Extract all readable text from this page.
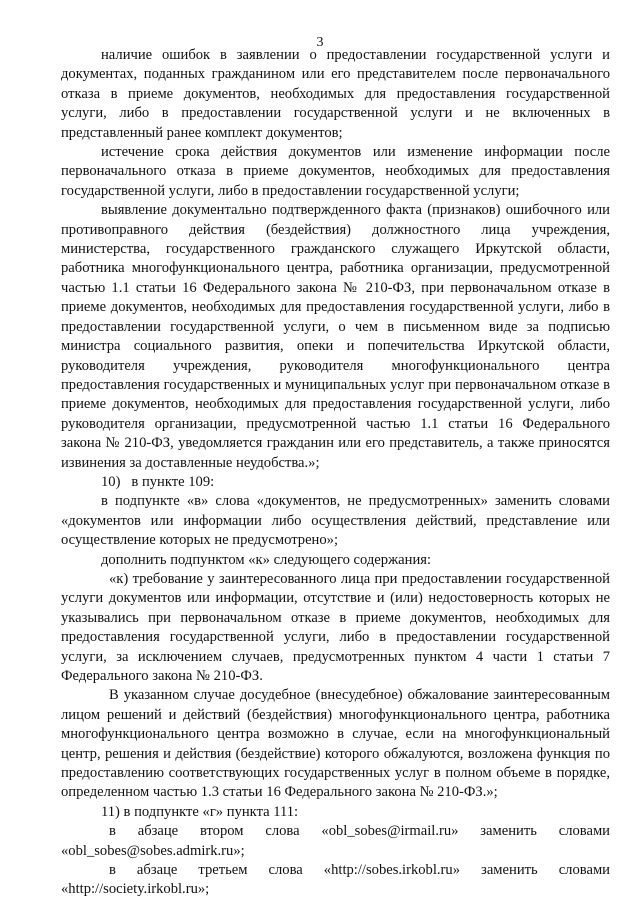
3

наличие ошибок в заявлении о предоставлении государственной услуги и документах, поданных гражданином или его представителем после первоначального отказа в приеме документов, необходимых для предоставления государственной услуги, либо в предоставлении государственной услуги и не включенных в представленный ранее комплект документов;

истечение срока действия документов или изменение информации после первоначального отказа в приеме документов, необходимых для предоставления государственной услуги, либо в предоставлении государственной услуги;

выявление документально подтвержденного факта (признаков) ошибочного или противоправного действия (бездействия) должностного лица учреждения, министерства, государственного гражданского служащего Иркутской области, работника многофункционального центра, работника организации, предусмотренной частью 1.1 статьи 16 Федерального закона № 210-ФЗ, при первоначальном отказе в приеме документов, необходимых для предоставления государственной услуги, либо в предоставлении государственной услуги, о чем в письменном виде за подписью министра социального развития, опеки и попечительства Иркутской области, руководителя учреждения, руководителя многофункционального центра предоставления государственных и муниципальных услуг при первоначальном отказе в приеме документов, необходимых для предоставления государственной услуги, либо руководителя организации, предусмотренной частью 1.1 статьи 16 Федерального закона № 210-ФЗ, уведомляется гражданин или его представитель, а также приносятся извинения за доставленные неудобства.»;

10)   в пункте 109:

в подпункте «в» слова «документов, не предусмотренных» заменить словами «документов или информации либо осуществления действий, представление или осуществление которых не предусмотрено»;

дополнить подпунктом «к» следующего содержания:

«к) требование у заинтересованного лица при предоставлении государственной услуги документов или информации, отсутствие и (или) недостоверность которых не указывались при первоначальном отказе в приеме документов, необходимых для предоставления государственной услуги, либо в предоставлении государственной услуги, за исключением случаев, предусмотренных пунктом 4 части 1 статьи 7 Федерального закона № 210-ФЗ.

В указанном случае досудебное (внесудебное) обжалование заинтересованным лицом решений и действий (бездействия) многофункционального центра, работника многофункционального центра возможно в случае, если на многофункциональный центр, решения и действия (бездействие) которого обжалуются, возложена функция по предоставлению соответствующих государственных услуг в полном объеме в порядке, определенном частью 1.3 статьи 16 Федерального закона № 210-ФЗ.»;

11) в подпункте «г» пункта 111:

в абзаце втором слова «obl_sobes@irmail.ru» заменить словами «obl_sobes@sobes.admirk.ru»;

в абзаце третьем слова «http://sobes.irkobl.ru» заменить словами «http://society.irkobl.ru»;
